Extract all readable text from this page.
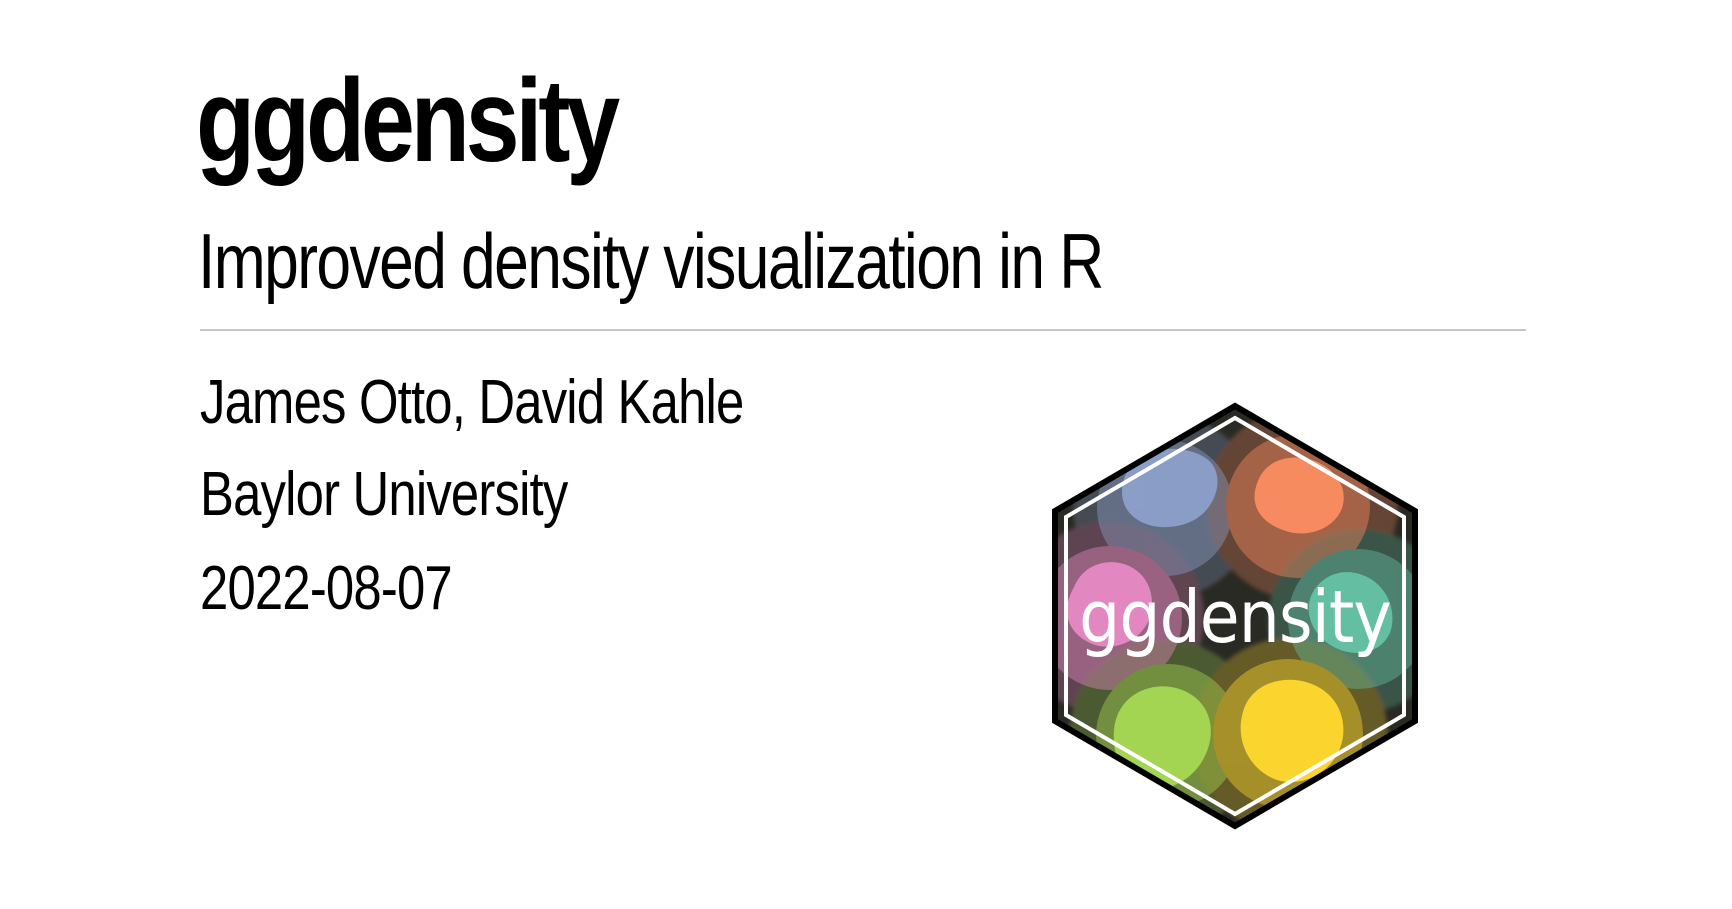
ggdensity
Improved density visualization in R

James Otto, David Kahle

Baylor University

2022-08-07	ggdensity
